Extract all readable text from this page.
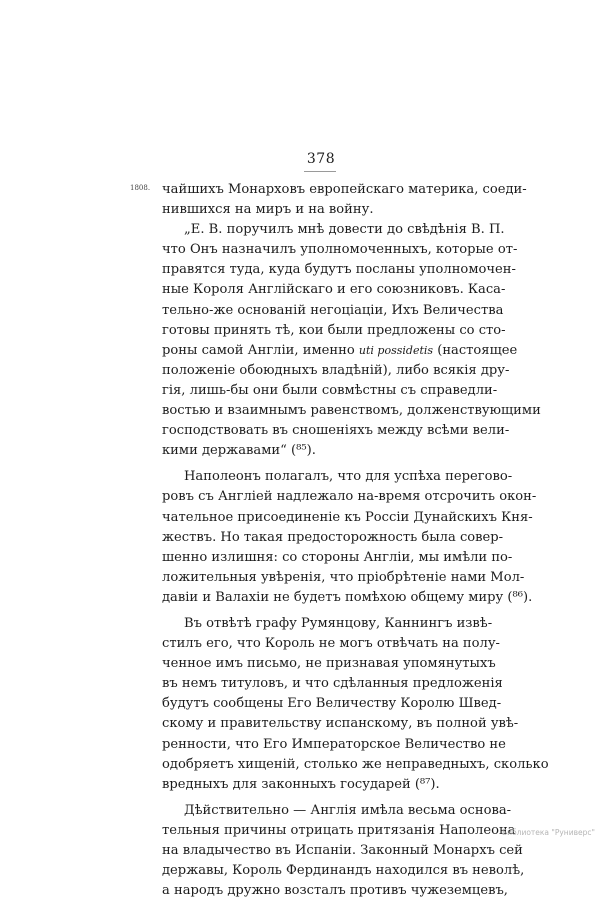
378
1808. чайшихъ Монарховъ европейскаго материка, соеди-
нившихся на миръ и на войну.
„Е. В. поручилъ мнѣ довести до свѣдѣнія В. П.
что Онъ назначилъ уполномоченныхъ, которые от-
правятся туда, куда будутъ посланы уполномочен-
ные Короля Англійскаго и его союзниковъ. Каса-
тельно-же основаній негоціаціи, Ихъ Величества
готовы принять тѣ, кои были предложены со сто-
роны самой Англіи, именно uti possidetis (настоящее
положеніе обоюдныхъ владѣній), либо всякія дру-
гія, лишь-бы они были совмѣстны съ справедли-
востью и взаимнымъ равенствомъ, долженствующими
господствовать въ сношеніяхъ между всѣми вели-
кими державами“ (⁸⁵).
Наполеонъ полагалъ, что для успѣха перегово-
ровъ съ Англіей надлежало на-время отсрочить окон-
чательное присоединеніе къ Россіи Дунайскихъ Кня-
жествъ. Но такая предосторожность была совер-
шенно излишня: со стороны Англіи, мы имѣли по-
ложительныя увѣренія, что пріобрѣтеніе нами Мол-
давіи и Валахіи не будетъ помѣхою общему миру (⁸⁶).
Въ отвѣтѣ графу Румянцову, Каннингъ извѣ-
стилъ его, что Король не могъ отвѣчать на полу-
ченное имъ письмо, не признавая упомянутыхъ
въ немъ титуловъ, и что сдѣланныя предложенія
будутъ сообщены Его Величеству Королю Швед-
скому и правительству испанскому, въ полной увѣ-
ренности, что Его Императорское Величество не
одобряетъ хищеній, столько же неправедныхъ, сколько
вредныхъ для законныхъ государей (⁸⁷).
Дѣйствительно — Англія имѣла весьма основа-
тельныя причины отрицать притязанія Наполеона
на владычество въ Испаніи. Законный Монархъ сей
державы, Король Фердинандъ находился въ неволѣ,
а народъ дружно возсталъ противъ чужеземцевъ,
Библиотека "Руниверс"
